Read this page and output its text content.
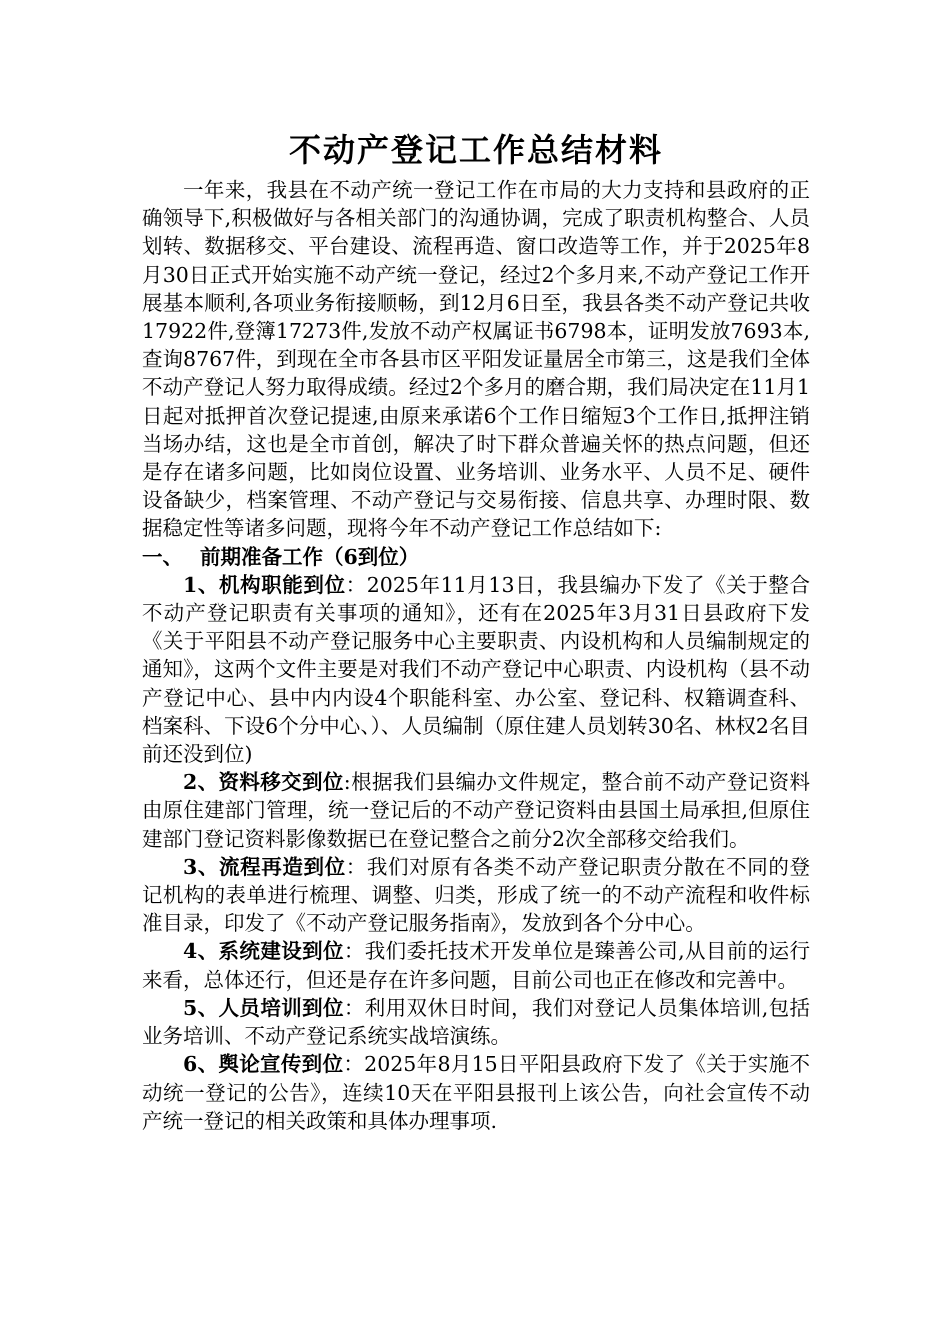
不动产登记工作总结材料

一年来，我县在不动产统一登记工作在市局的大力支持和县政府的正确领导下,积极做好与各相关部门的沟通协调，完成了职责机构整合、人员划转、数据移交、平台建设、流程再造、窗口改造等工作，并于2025年8月30日正式开始实施不动产统一登记，经过2个多月来,不动产登记工作开展基本顺利,各项业务衔接顺畅，到12月6日至，我县各类不动产登记共收17922件,登簿17273件,发放不动产权属证书6798本，证明发放7693本,查询8767件，到现在全市各县市区平阳发证量居全市第三，这是我们全体不动产登记人努力取得成绩。经过2个多月的磨合期，我们局决定在11月1日起对抵押首次登记提速,由原来承诺6个工作日缩短3个工作日,抵押注销当场办结，这也是全市首创，解决了时下群众普遍关怀的热点问题，但还是存在诸多问题，比如岗位设置、业务培训、业务水平、人员不足、硬件设备缺少，档案管理、不动产登记与交易衔接、信息共享、办理时限、数据稳定性等诸多问题，现将今年不动产登记工作总结如下:

一、 前期准备工作（6到位）

1、机构职能到位：2025年11月13日，我县编办下发了《关于整合不动产登记职责有关事项的通知》，还有在2025年3月31日县政府下发《关于平阳县不动产登记服务中心主要职责、内设机构和人员编制规定的通知》，这两个文件主要是对我们不动产登记中心职责、内设机构（县不动产登记中心、县中内内设4个职能科室、办公室、登记科、权籍调查科、档案科、下设6个分中心、）、人员编制（原住建人员划转30名、林权2名目前还没到位)

2、资料移交到位:根据我们县编办文件规定，整合前不动产登记资料由原住建部门管理，统一登记后的不动产登记资料由县国土局承担,但原住建部门登记资料影像数据已在登记整合之前分2次全部移交给我们。

3、流程再造到位：我们对原有各类不动产登记职责分散在不同的登记机构的表单进行梳理、调整、归类，形成了统一的不动产流程和收件标准目录，印发了《不动产登记服务指南》，发放到各个分中心。

4、系统建设到位：我们委托技术开发单位是臻善公司,从目前的运行来看，总体还行，但还是存在许多问题，目前公司也正在修改和完善中。

5、人员培训到位：利用双休日时间，我们对登记人员集体培训,包括业务培训、不动产登记系统实战培演练。

6、舆论宣传到位：2025年8月15日平阳县政府下发了《关于实施不动统一登记的公告》，连续10天在平阳县报刊上该公告，向社会宣传不动产统一登记的相关政策和具体办理事项.
